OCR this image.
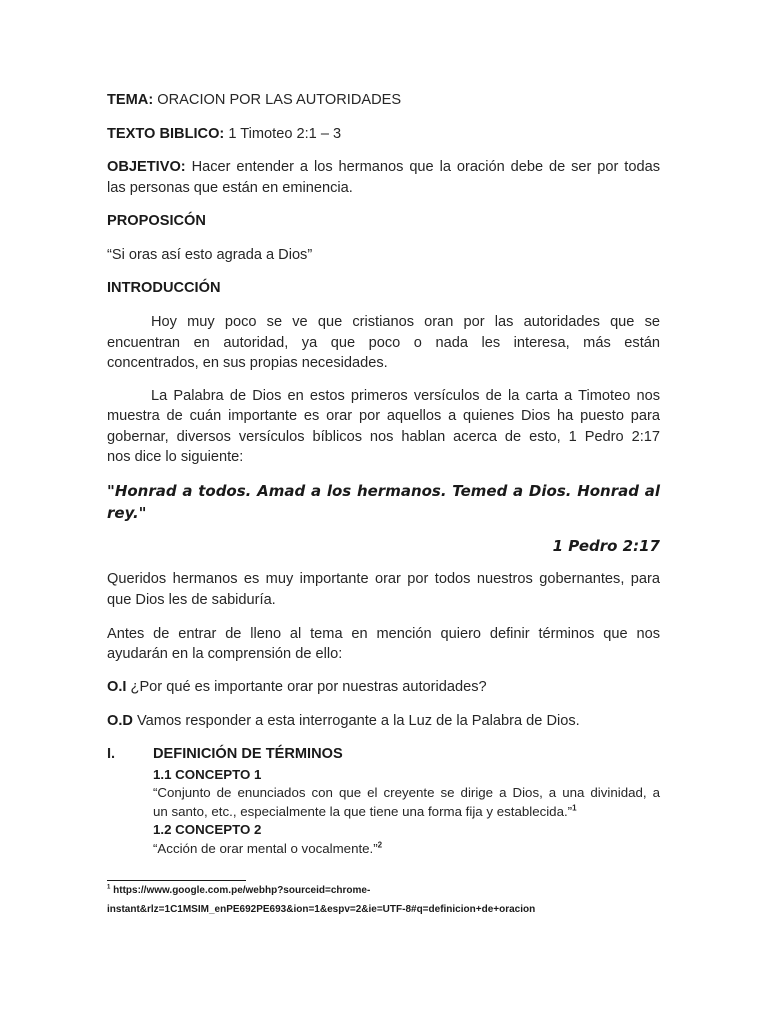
TEMA: ORACION POR LAS AUTORIDADES
TEXTO BIBLICO: 1 Timoteo 2:1 – 3
OBJETIVO: Hacer entender a los hermanos que la oración debe de ser por todas
las personas que están en eminencia.
PROPOSICÓN
“Si oras así esto agrada a Dios”
INTRODUCCIÓN
Hoy muy poco se ve que cristianos oran por las autoridades que se
encuentran en autoridad, ya que poco o nada les interesa, más están
concentrados, en sus propias necesidades.
La Palabra de Dios en estos primeros versículos de la carta a Timoteo nos
muestra de cuán importante es orar por aquellos a quienes Dios ha puesto para
gobernar, diversos versículos bíblicos nos hablan acerca de esto, 1 Pedro 2:17
nos dice lo siguiente:
"Honrad a todos. Amad a los hermanos. Temed a Dios. Honrad al
rey."
1 Pedro 2:17
Queridos hermanos es muy importante orar por todos nuestros gobernantes, para
que Dios les de sabiduría.
Antes de entrar de lleno al tema en mención quiero definir términos que nos
ayudarán en la comprensión de ello:
O.I ¿Por qué es importante orar por nuestras autoridades?
O.D Vamos responder a esta interrogante a la Luz de la Palabra de Dios.
I.	DEFINICIÓN DE TÉRMINOS
1.1 CONCEPTO 1
“Conjunto de enunciados con que el creyente se dirige a Dios, a una divinidad, a
un santo, etc., especialmente la que tiene una forma fija y establecida.”$^1$
1.2 CONCEPTO 2
“Acción de orar mental o vocalmente.”$^2$
$^1$ https://www.google.com.pe/webhp?sourceid=chrome-
instant&rlz=1C1MSIM_enPE692PE693&ion=1&espv=2&ie=UTF-8#q=definicion+de+oracion
